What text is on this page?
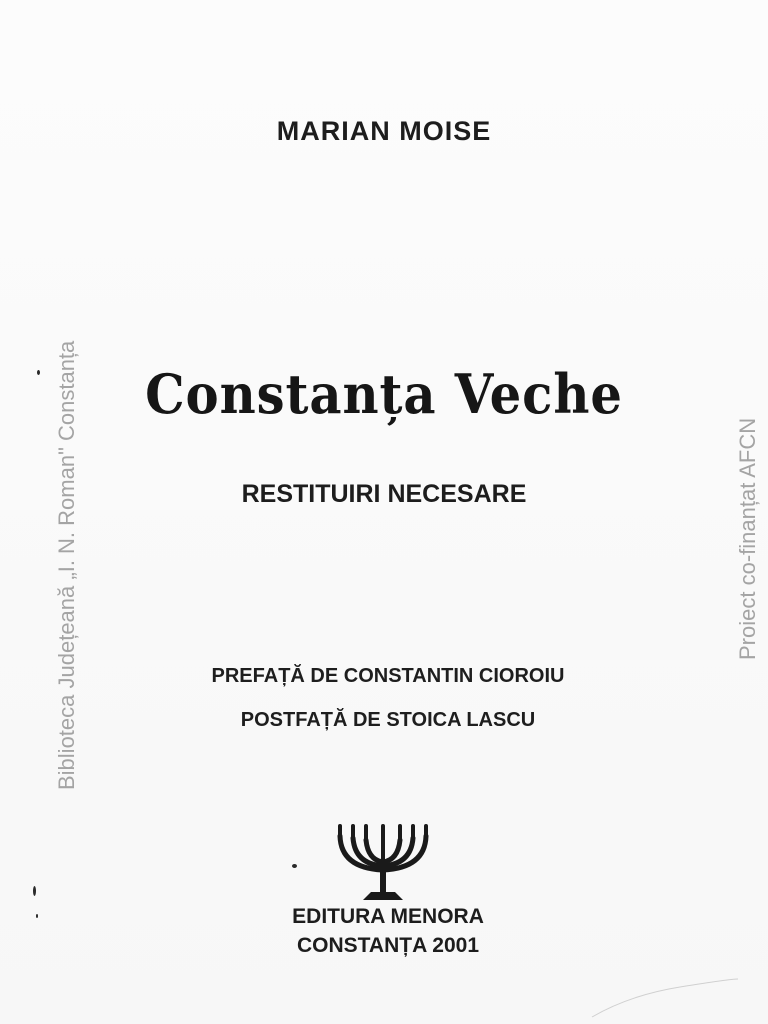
MARIAN MOISE
Constanța Veche
RESTITUIRI NECESARE
PREFAȚĂ DE CONSTANTIN CIOROIU
POSTFAȚĂ DE STOICA LASCU
Biblioteca Județeană „I. N. Roman" Constanța	Proiect co-finanțat AFCN
EDITURA MENORA
CONSTANȚA 2001
